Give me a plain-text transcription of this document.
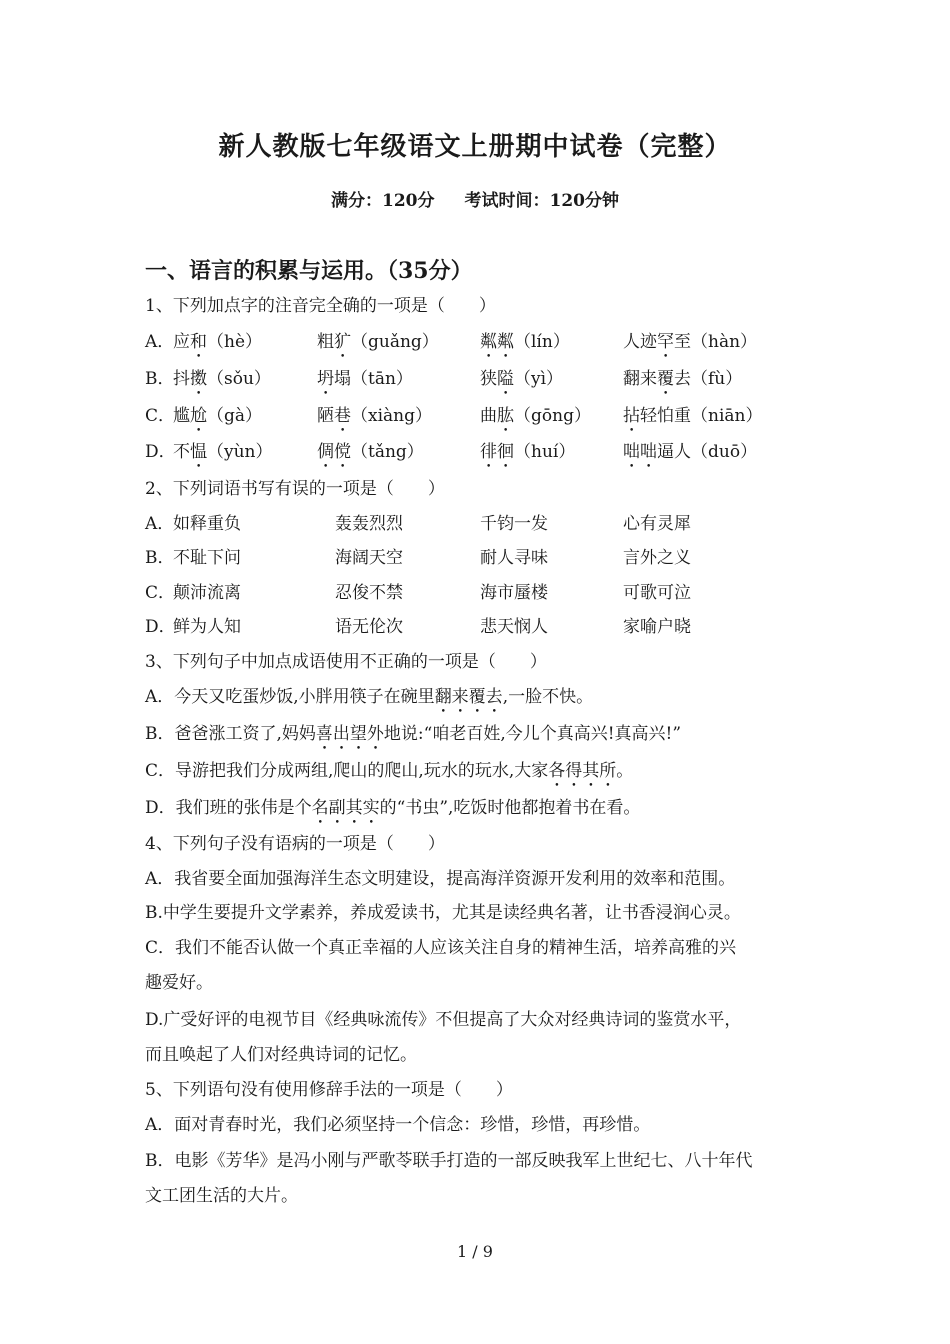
新人教版七年级语文上册期中试卷（完整）
满分：120分 考试时间：120分钟
一、语言的积累与运用。（35分）
1、下列加点字的注音完全确的一项是（　　）
A．
应和（hè）	粗犷（guǎng） 粼粼（lín）	人迹罕至（hàn）
B．
抖擞（sǒu）	坍塌（tān）	狭隘（yì）	翻来覆去（fù）
C．
尴尬（gà）	陋巷（xiàng）	曲肱（gōng） 拈轻怕重（niān）
D．
不愠（yùn）	倜傥（tǎng）	徘徊（huí）	咄咄逼人（duō）
2、下列词语书写有误的一项是（　　）
A．
如释重负	轰轰烈烈	千钧一发	心有灵犀
B．
不耻下问	海阔天空	耐人寻味	言外之义
C．
颠沛流离	忍俊不禁	海市蜃楼	可歌可泣
D．
鲜为人知	语无伦次	悲天悯人	家喻户晓
3、下列句子中加点成语使用不正确的一项是（　　）
A．今天又吃蛋炒饭,小胖用筷子在碗里翻来覆去,一脸不快。
B．爸爸涨工资了,妈妈喜出望外地说:“咱老百姓,今儿个真高兴!真高兴!”
C．导游把我们分成两组,爬山的爬山,玩水的玩水,大家各得其所。
D．我们班的张伟是个名副其实的“书虫”,吃饭时他都抱着书在看。
4、下列句子没有语病的一项是（　　）
A．我省要全面加强海洋生态文明建设，提高海洋资源开发利用的效率和范围。
B.中学生要提升文学素养，养成爱读书，尤其是读经典名著，让书香浸润心灵。
C．我们不能否认做一个真正幸福的人应该关注自身的精神生活，培养高雅的兴
趣爱好。
D.广受好评的电视节目《经典咏流传》不但提高了大众对经典诗词的鉴赏水平，
而且唤起了人们对经典诗词的记忆。
5、下列语句没有使用修辞手法的一项是（　　）
A．面对青春时光，我们必须坚持一个信念：珍惜，珍惜，再珍惜。
B．电影《芳华》是冯小刚与严歌苓联手打造的一部反映我军上世纪七、八十年代
文工团生活的大片。
1 / 9
